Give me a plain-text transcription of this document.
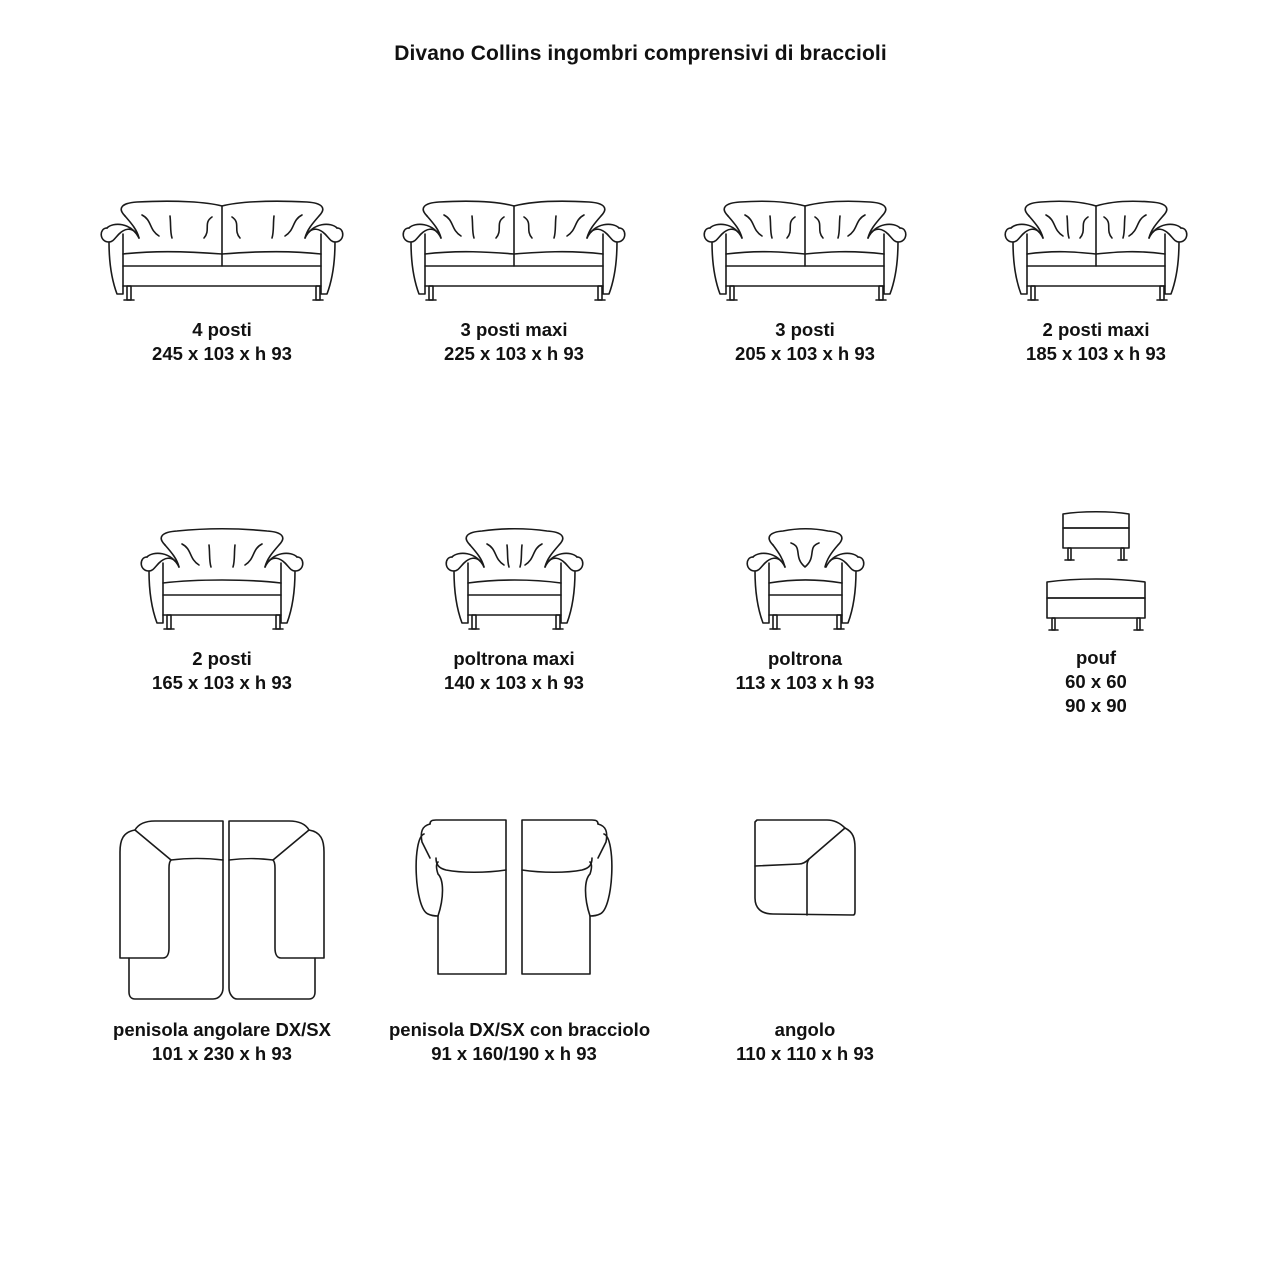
Divano Collins ingombri comprensivi di braccioli
4 posti
245 x 103 x h 93
3 posti maxi
225 x 103 x h 93
3 posti
205 x 103 x h 93
2 posti maxi
185 x 103 x h 93
2 posti
165 x 103 x h 93
poltrona maxi
140 x 103 x h 93
poltrona
113 x 103 x h 93
pouf
60 x 60
90 x 90
penisola angolare DX/SX
101 x 230 x h 93
penisola DX/SX con bracciolo
91 x 160/190 x h 93
angolo
110 x 110 x h 93
